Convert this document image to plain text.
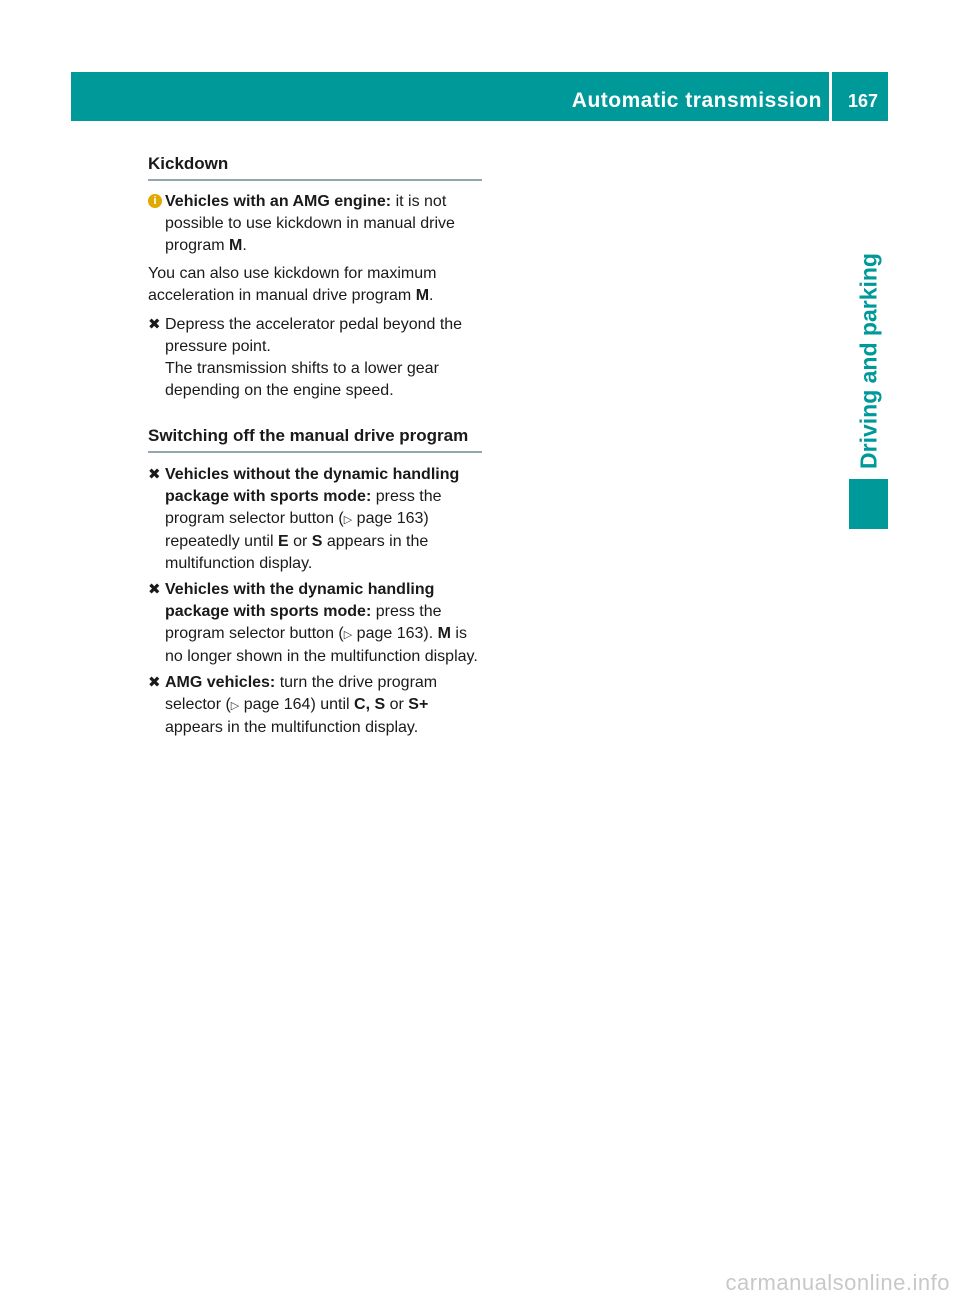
Automatic transmission 167
Driving and parking
Kickdown

i Vehicles with an AMG engine: it is not possible to use kickdown in manual drive program M.

You can also use kickdown for maximum acceleration in manual drive program M.

✖ Depress the accelerator pedal beyond the pressure point.

The transmission shifts to a lower gear depending on the engine speed.

Switching off the manual drive program
✖ Vehicles without the dynamic handling package with sports mode: press the program selector button (▷ page 163) repeatedly until E or S appears in the multifunction display.

✖ Vehicles with the dynamic handling package with sports mode: press the program selector button (▷ page 163). M is no longer shown in the multifunction display.

✖ AMG vehicles: turn the drive program selector (▷ page 164) until C, S or S+ appears in the multifunction display.

carmanualsonline.info
